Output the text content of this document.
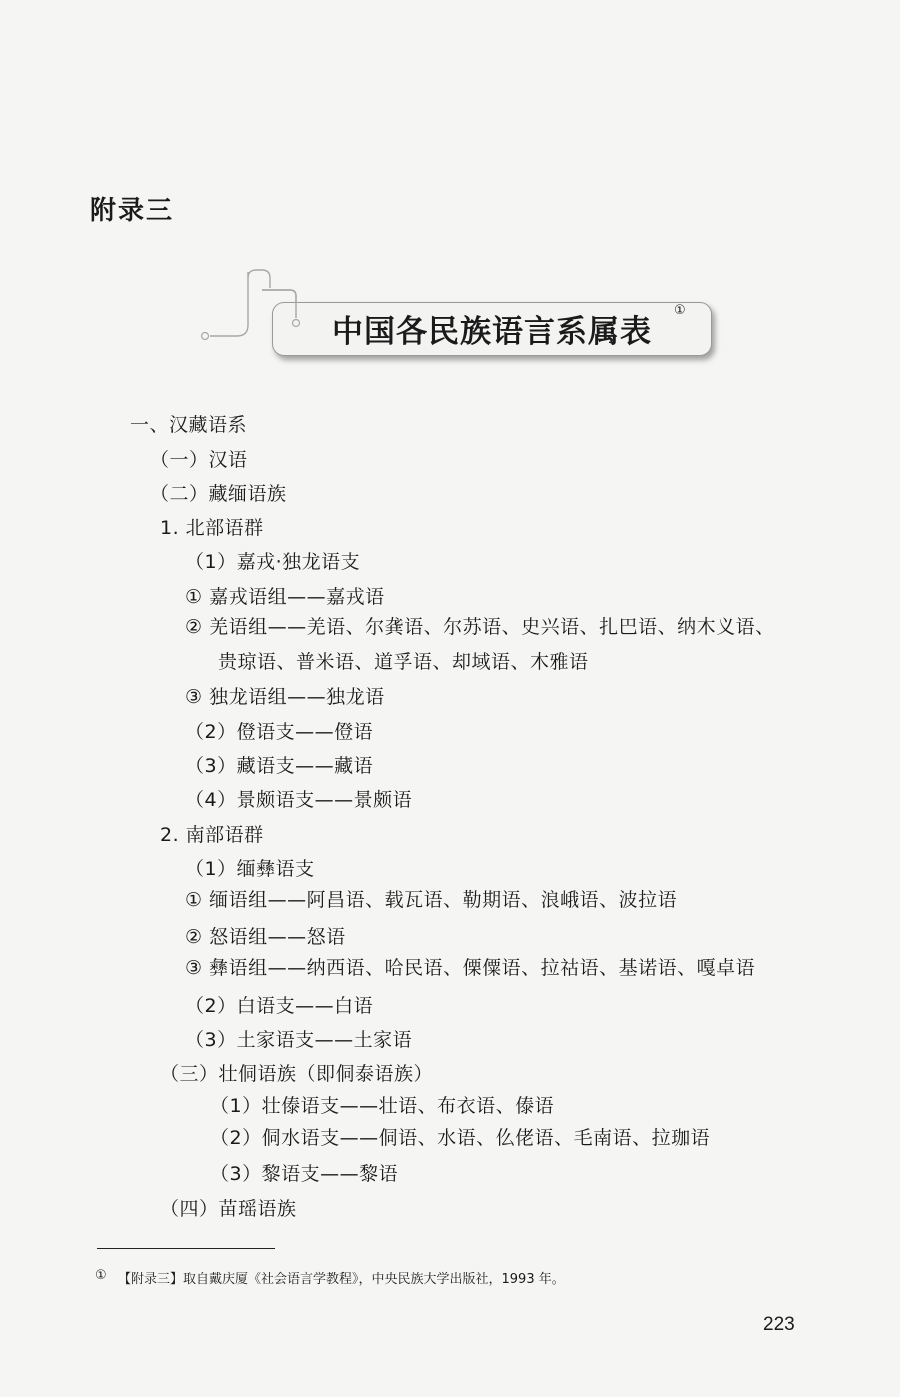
附录三
中国各民族语言系属表
①
一、汉藏语系
（一）汉语
（二）藏缅语族
1. 北部语群
（1）嘉戎·独龙语支
① 嘉戎语组——嘉戎语
② 羌语组——羌语、尔龚语、尔苏语、史兴语、扎巴语、纳木义语、
贵琼语、普米语、道孚语、却域语、木雅语
③ 独龙语组——独龙语
（2）僜语支——僜语
（3）藏语支——藏语
（4）景颇语支——景颇语
2. 南部语群
（1）缅彝语支
① 缅语组——阿昌语、载瓦语、勒期语、浪峨语、波拉语
② 怒语组——怒语
③ 彝语组——纳西语、哈民语、傈僳语、拉祜语、基诺语、嘎卓语
（2）白语支——白语
（3）土家语支——土家语
（三）壮侗语族（即侗泰语族）
（1）壮傣语支——壮语、布衣语、傣语
（2）侗水语支——侗语、水语、仫佬语、毛南语、拉珈语
（3）黎语支——黎语
（四）苗瑶语族
① 【附录三】取自戴庆厦《社会语言学教程》，中央民族大学出版社，1993 年。
223
